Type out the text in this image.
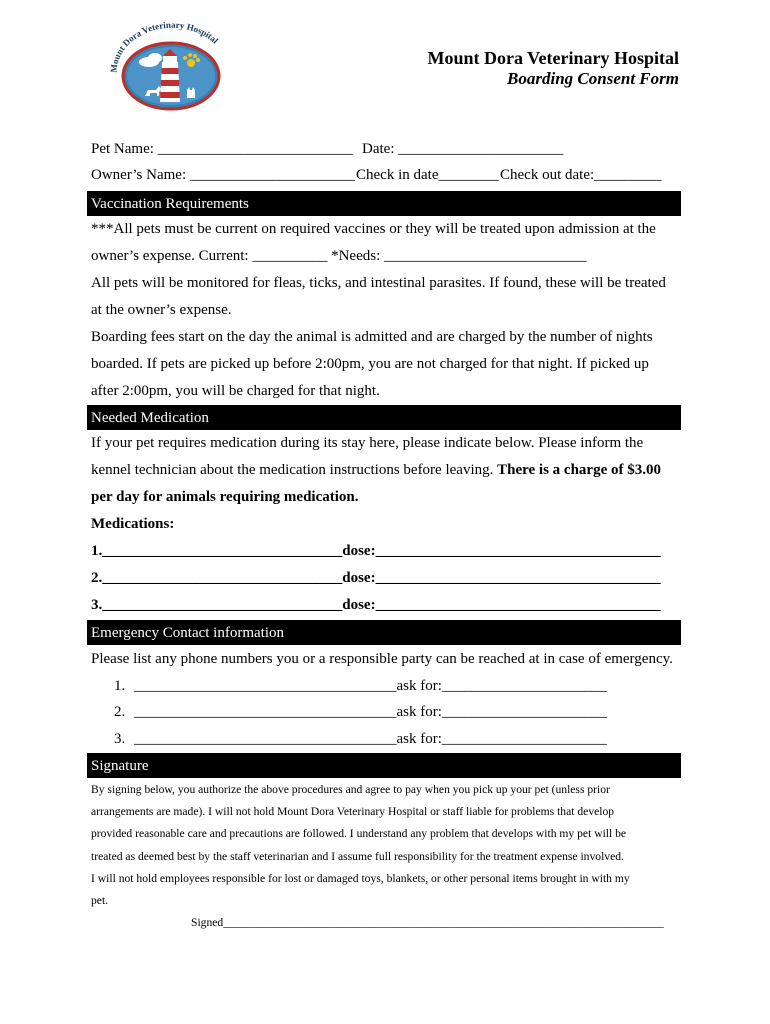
Mount Dora Veterinary Hospital
Mount Dora Veterinary Hospital
Boarding Consent Form
Pet Name: __________________________ Date: ______________________
Owner’s Name: ______________________ Check in date________ Check out date:_________
Vaccination Requirements
***All pets must be current on required vaccines or they will be treated upon admission at the
owner’s expense. Current: __________ *Needs: ___________________________
All pets will be monitored for fleas, ticks, and intestinal parasites. If found, these will be treated
at the owner’s expense.
Boarding fees start on the day the animal is admitted and are charged by the number of nights
boarded. If pets are picked up before 2:00pm, you are not charged for that night. If picked up
after 2:00pm, you will be charged for that night.
Needed Medication
If your pet requires medication during its stay here, please indicate below. Please inform the
kennel technician about the medication instructions before leaving. There is a charge of $3.00
per day for animals requiring medication.
Medications:
1.________________________________dose:______________________________________
2.________________________________dose:______________________________________
3.________________________________dose:______________________________________
Emergency Contact information
Please list any phone numbers you or a responsible party can be reached at in case of emergency.
1. ___________________________________ask for:______________________
2. ___________________________________ask for:______________________
3. ___________________________________ask for:______________________
Signature
By signing below, you authorize the above procedures and agree to pay when you pick up your pet (unless prior
arrangements are made). I will not hold Mount Dora Veterinary Hospital or staff liable for problems that develop
provided reasonable care and precautions are followed. I understand any problem that develops with my pet will be
treated as deemed best by the staff veterinarian and I assume full responsibility for the treatment expense involved.
I will not hold employees responsible for lost or damaged toys, blankets, or other personal items brought in with my
pet.
Signed____________________________________________________________________________
